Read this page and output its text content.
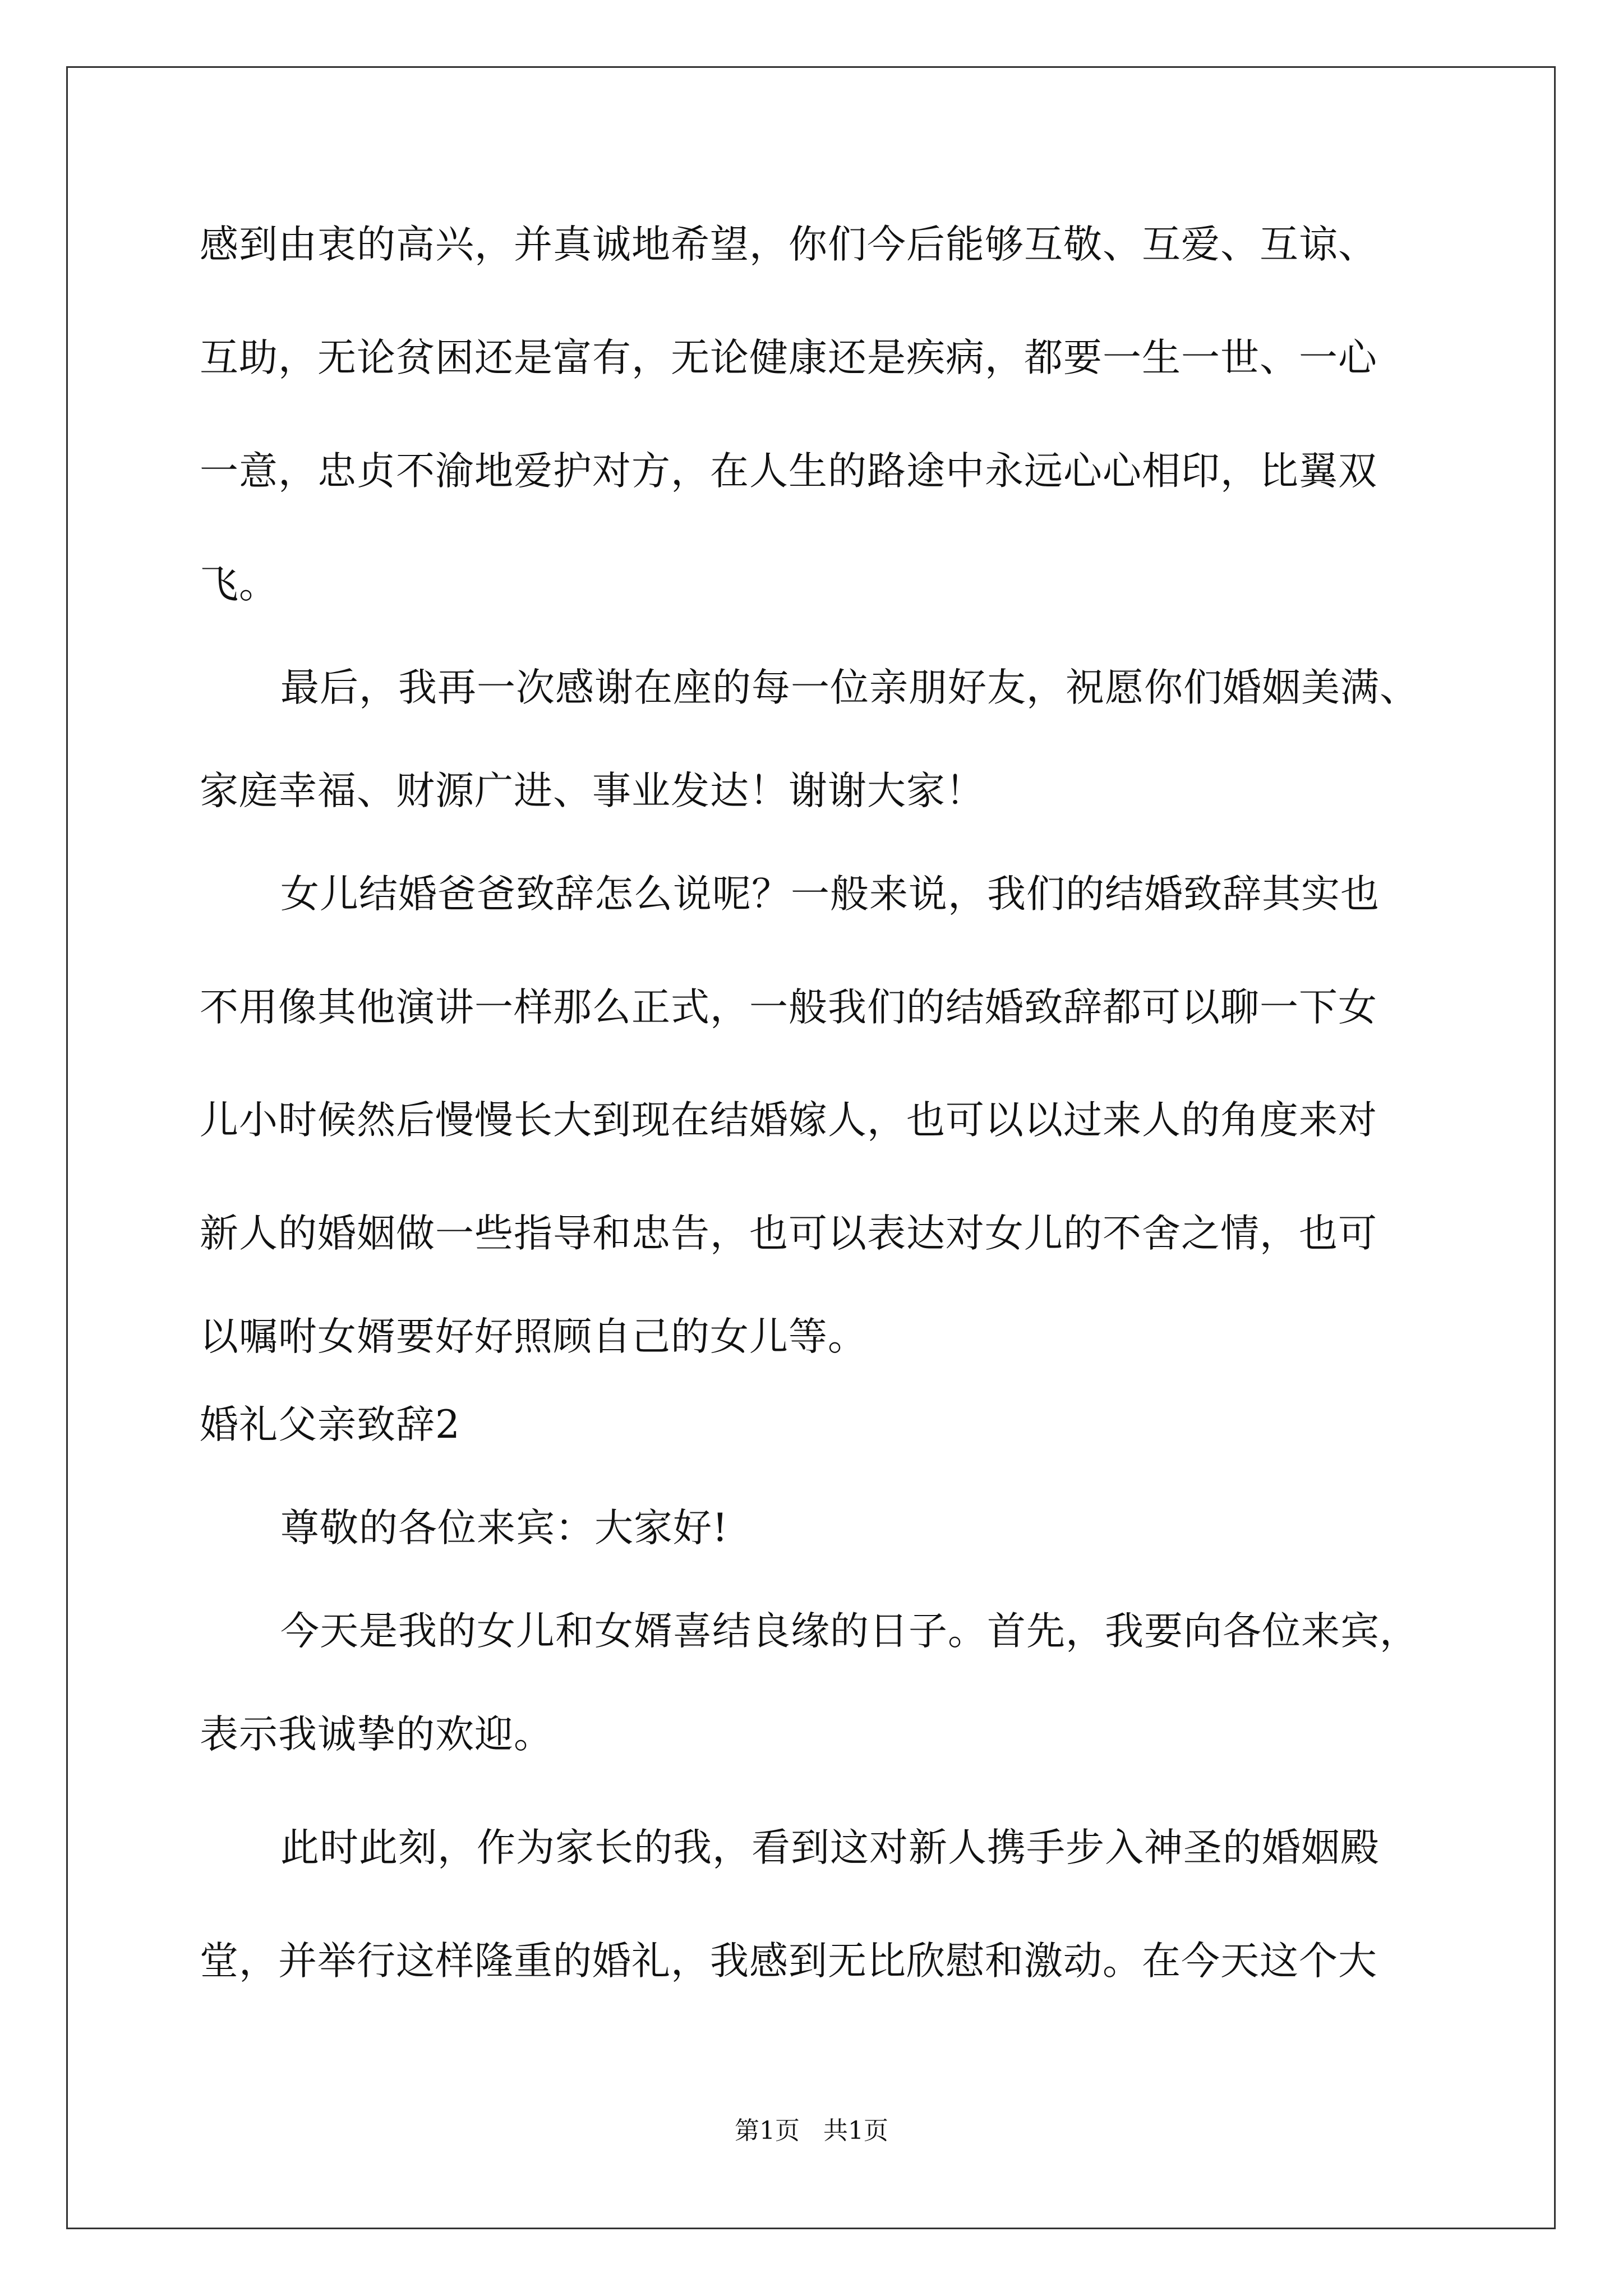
感到由衷的高兴，并真诚地希望，你们今后能够互敬、互爱、互谅、
互助，无论贫困还是富有，无论健康还是疾病，都要一生一世、一心
一意，忠贞不渝地爱护对方，在人生的路途中永远心心相印，比翼双
飞。
最后，我再一次感谢在座的每一位亲朋好友，祝愿你们婚姻美满、
家庭幸福、财源广进、事业发达！谢谢大家！
女儿结婚爸爸致辞怎么说呢？一般来说，我们的结婚致辞其实也
不用像其他演讲一样那么正式，一般我们的结婚致辞都可以聊一下女
儿小时候然后慢慢长大到现在结婚嫁人，也可以以过来人的角度来对
新人的婚姻做一些指导和忠告，也可以表达对女儿的不舍之情，也可
以嘱咐女婿要好好照顾自己的女儿等。
婚礼父亲致辞2
尊敬的各位来宾：大家好!
今天是我的女儿和女婿喜结良缘的日子。首先，我要向各位来宾，
表示我诚挚的欢迎。
此时此刻，作为家长的我，看到这对新人携手步入神圣的婚姻殿
堂，并举行这样隆重的婚礼，我感到无比欣慰和激动。在今天这个大
第1页   共1页
